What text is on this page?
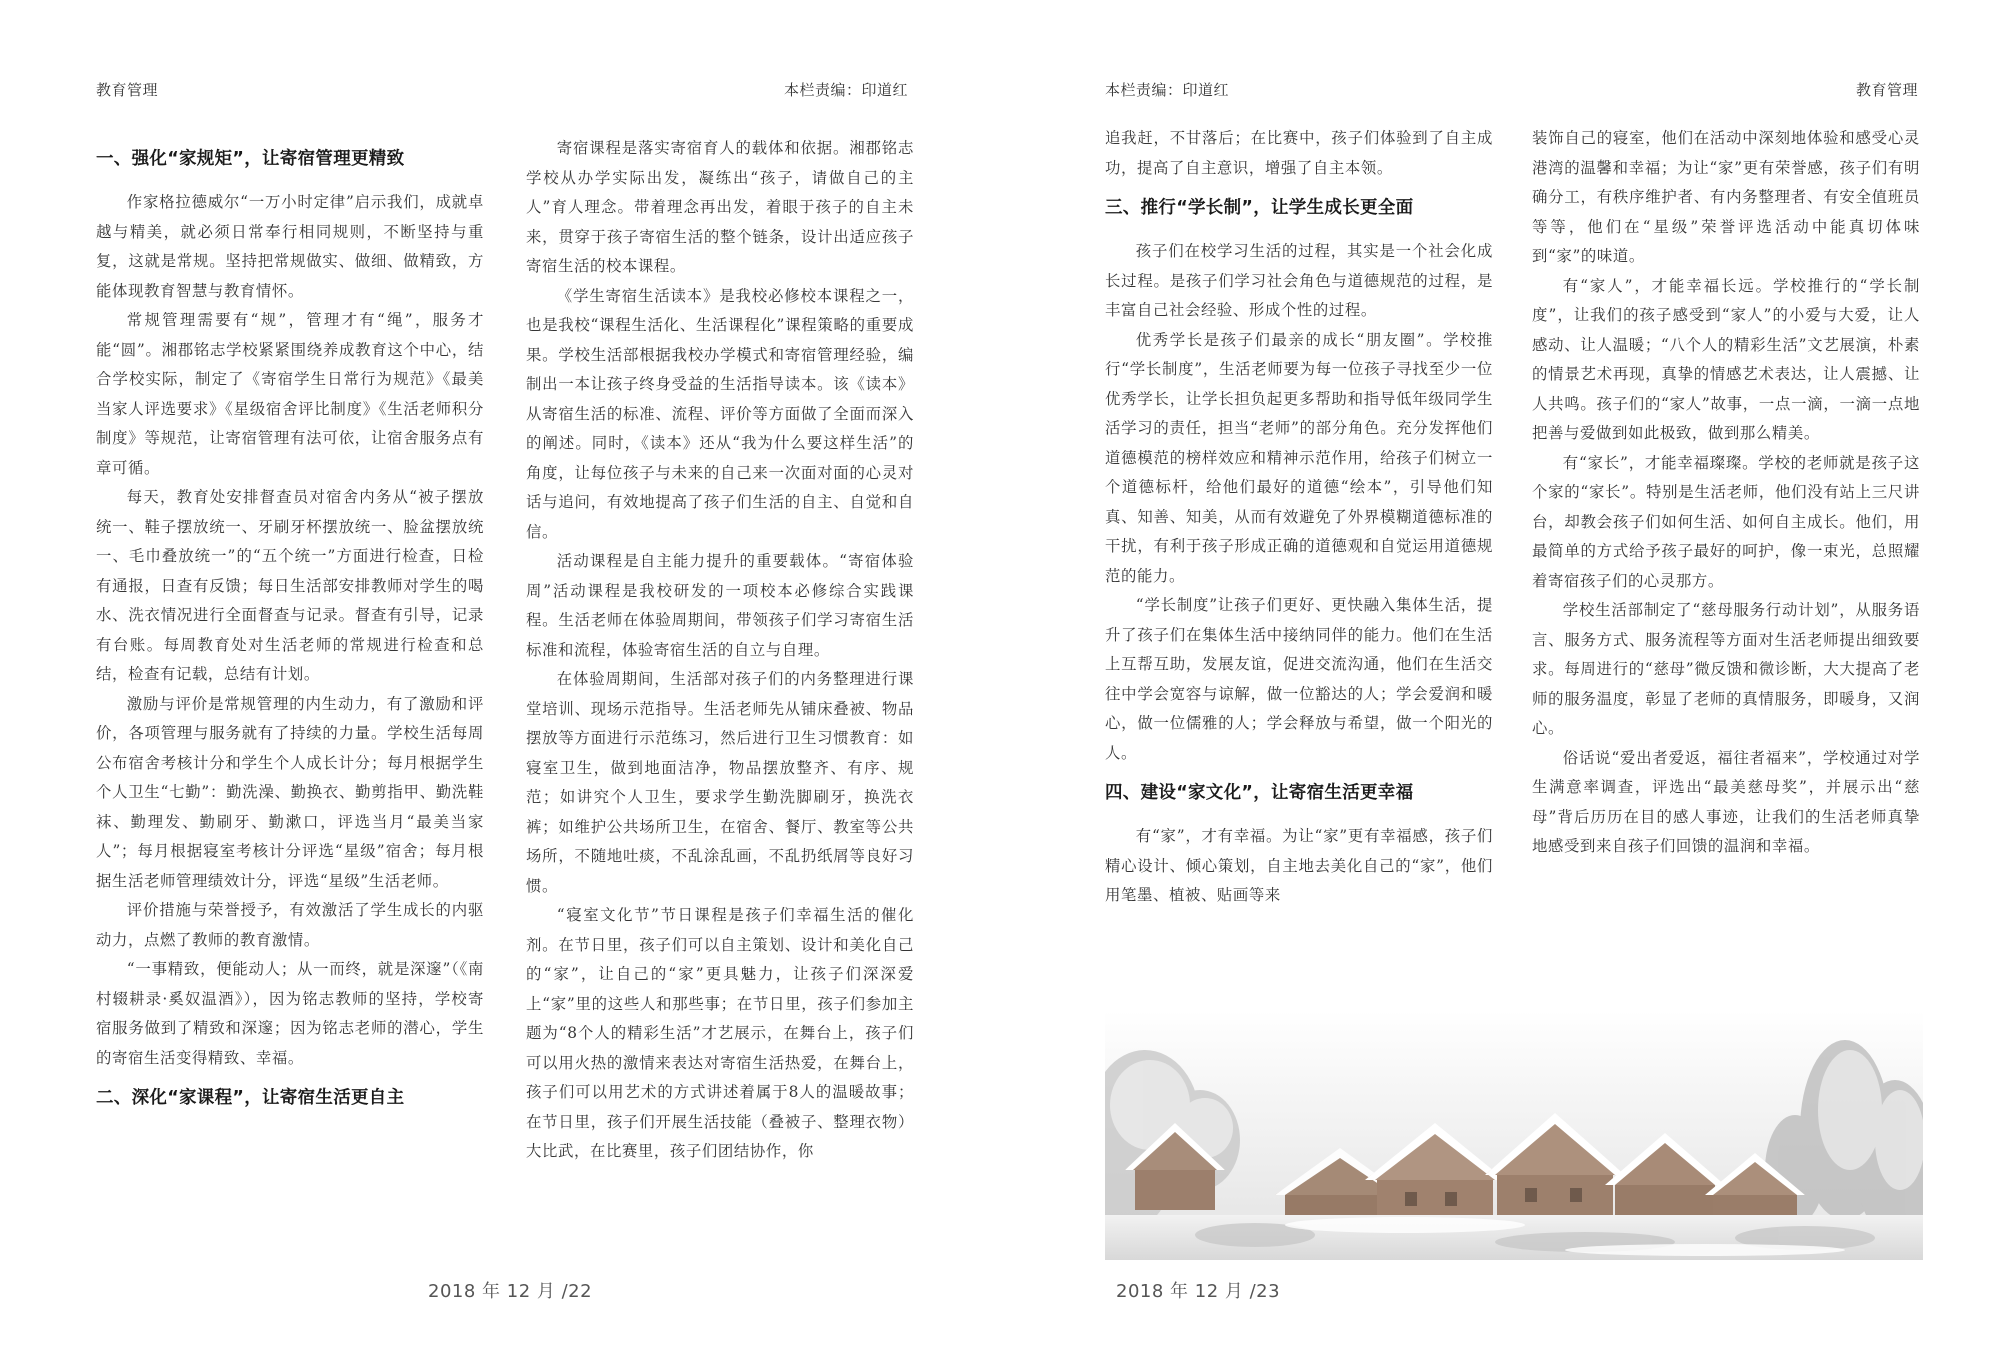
教育管理	本栏责编：印道红
一、强化“家规矩”，让寄宿管理更精致

作家格拉德威尔“一万小时定律”启示我们，成就卓越与精美，就必须日常奉行相同规则，不断坚持与重复，这就是常规。坚持把常规做实、做细、做精致，方能体现教育智慧与教育情怀。

常规管理需要有“规”，管理才有“绳”，服务才能“圆”。湘郡铭志学校紧紧围绕养成教育这个中心，结合学校实际，制定了《寄宿学生日常行为规范》《最美当家人评选要求》《星级宿舍评比制度》《生活老师积分制度》等规范，让寄宿管理有法可依，让宿舍服务点有章可循。

每天，教育处安排督查员对宿舍内务从“被子摆放统一、鞋子摆放统一、牙刷牙杯摆放统一、脸盆摆放统一、毛巾叠放统一”的“五个统一”方面进行检查，日检有通报，日查有反馈；每日生活部安排教师对学生的喝水、洗衣情况进行全面督查与记录。督查有引导，记录有台账。每周教育处对生活老师的常规进行检查和总结，检查有记载，总结有计划。

激励与评价是常规管理的内生动力，有了激励和评价，各项管理与服务就有了持续的力量。学校生活每周公布宿舍考核计分和学生个人成长计分；每月根据学生个人卫生“七勤”：勤洗澡、勤换衣、勤剪指甲、勤洗鞋袜、勤理发、勤刷牙、勤漱口，评选当月“最美当家人”；每月根据寝室考核计分评选“星级”宿舍；每月根据生活老师管理绩效计分，评选“星级”生活老师。

评价措施与荣誉授予，有效激活了学生成长的内驱动力，点燃了教师的教育激情。

“一事精致，便能动人；从一而终，就是深邃”（《南村辍耕录·奚奴温酒》），因为铭志教师的坚持，学校寄宿服务做到了精致和深邃；因为铭志老师的潜心，学生的寄宿生活变得精致、幸福。

二、深化“家课程”，让寄宿生活更自主

寄宿课程是落实寄宿育人的载体和依据。湘郡铭志学校从办学实际出发，凝练出“孩子，请做自己的主人”育人理念。带着理念再出发，着眼于孩子的自主未来，贯穿于孩子寄宿生活的整个链条，设计出适应孩子寄宿生活的校本课程。

《学生寄宿生活读本》是我校必修校本课程之一，也是我校“课程生活化、生活课程化”课程策略的重要成果。学校生活部根据我校办学模式和寄宿管理经验，编制出一本让孩子终身受益的生活指导读本。该《读本》从寄宿生活的标准、流程、评价等方面做了全面而深入的阐述。同时，《读本》还从“我为什么要这样生活”的角度，让每位孩子与未来的自己来一次面对面的心灵对话与追问，有效地提高了孩子们生活的自主、自觉和自信。

活动课程是自主能力提升的重要载体。“寄宿体验周”活动课程是我校研发的一项校本必修综合实践课程。生活老师在体验周期间，带领孩子们学习寄宿生活标准和流程，体验寄宿生活的自立与自理。

在体验周期间，生活部对孩子们的内务整理进行课堂培训、现场示范指导。生活老师先从铺床叠被、物品摆放等方面进行示范练习，然后进行卫生习惯教育：如寝室卫生，做到地面洁净，物品摆放整齐、有序、规范；如讲究个人卫生，要求学生勤洗脚刷牙，换洗衣裤；如维护公共场所卫生，在宿舍、餐厅、教室等公共场所，不随地吐痰，不乱涂乱画，不乱扔纸屑等良好习惯。

“寝室文化节”节日课程是孩子们幸福生活的催化剂。在节日里，孩子们可以自主策划、设计和美化自己的“家”，让自己的“家”更具魅力，让孩子们深深爱上“家”里的这些人和那些事；在节日里，孩子们参加主题为“8个人的精彩生活”才艺展示，在舞台上，孩子们可以用火热的激情来表达对寄宿生活热爱，在舞台上，孩子们可以用艺术的方式讲述着属于8人的温暖故事；在节日里，孩子们开展生活技能（叠被子、整理衣物）大比武，在比赛里，孩子们团结协作，你

2018 年 12 月 /22
本栏责编：印道红	教育管理

追我赶，不甘落后；在比赛中，孩子们体验到了自主成功，提高了自主意识，增强了自主本领。

三、推行“学长制”，让学生成长更全面

孩子们在校学习生活的过程，其实是一个社会化成长过程。是孩子们学习社会角色与道德规范的过程，是丰富自己社会经验、形成个性的过程。

优秀学长是孩子们最亲的成长“朋友圈”。学校推行“学长制度”，生活老师要为每一位孩子寻找至少一位优秀学长，让学长担负起更多帮助和指导低年级同学生活学习的责任，担当“老师”的部分角色。充分发挥他们道德模范的榜样效应和精神示范作用，给孩子们树立一个道德标杆，给他们最好的道德“绘本”，引导他们知真、知善、知美，从而有效避免了外界模糊道德标准的干扰，有利于孩子形成正确的道德观和自觉运用道德规范的能力。

“学长制度”让孩子们更好、更快融入集体生活，提升了孩子们在集体生活中接纳同伴的能力。他们在生活上互帮互助，发展友谊，促进交流沟通，他们在生活交往中学会宽容与谅解，做一位豁达的人；学会爱润和暖心，做一位儒雅的人；学会释放与希望，做一个阳光的人。

四、建设“家文化”，让寄宿生活更幸福

有“家”，才有幸福。为让“家”更有幸福感，孩子们精心设计、倾心策划，自主地去美化自己的“家”，他们用笔墨、植被、贴画等来

装饰自己的寝室，他们在活动中深刻地体验和感受心灵港湾的温馨和幸福；为让“家”更有荣誉感，孩子们有明确分工，有秩序维护者、有内务整理者、有安全值班员等等，他们在“星级”荣誉评选活动中能真切体味到“家”的味道。

有“家人”，才能幸福长远。学校推行的“学长制度”，让我们的孩子感受到“家人”的小爱与大爱，让人感动、让人温暖；“八个人的精彩生活”文艺展演，朴素的情景艺术再现，真挚的情感艺术表达，让人震撼、让人共鸣。孩子们的“家人”故事，一点一滴，一滴一点地把善与爱做到如此极致，做到那么精美。

有“家长”，才能幸福璨璨。学校的老师就是孩子这个家的“家长”。特别是生活老师，他们没有站上三尺讲台，却教会孩子们如何生活、如何自主成长。他们，用最简单的方式给予孩子最好的呵护，像一束光，总照耀着寄宿孩子们的心灵那方。

学校生活部制定了“慈母服务行动计划”，从服务语言、服务方式、服务流程等方面对生活老师提出细致要求。每周进行的“慈母”微反馈和微诊断，大大提高了老师的服务温度，彰显了老师的真情服务，即暖身，又润心。

俗话说“爱出者爱返，福往者福来”，学校通过对学生满意率调查，评选出“最美慈母奖”，并展示出“慈母”背后历历在目的感人事迹，让我们的生活老师真挚地感受到来自孩子们回馈的温润和幸福。

2018 年 12 月 /23
